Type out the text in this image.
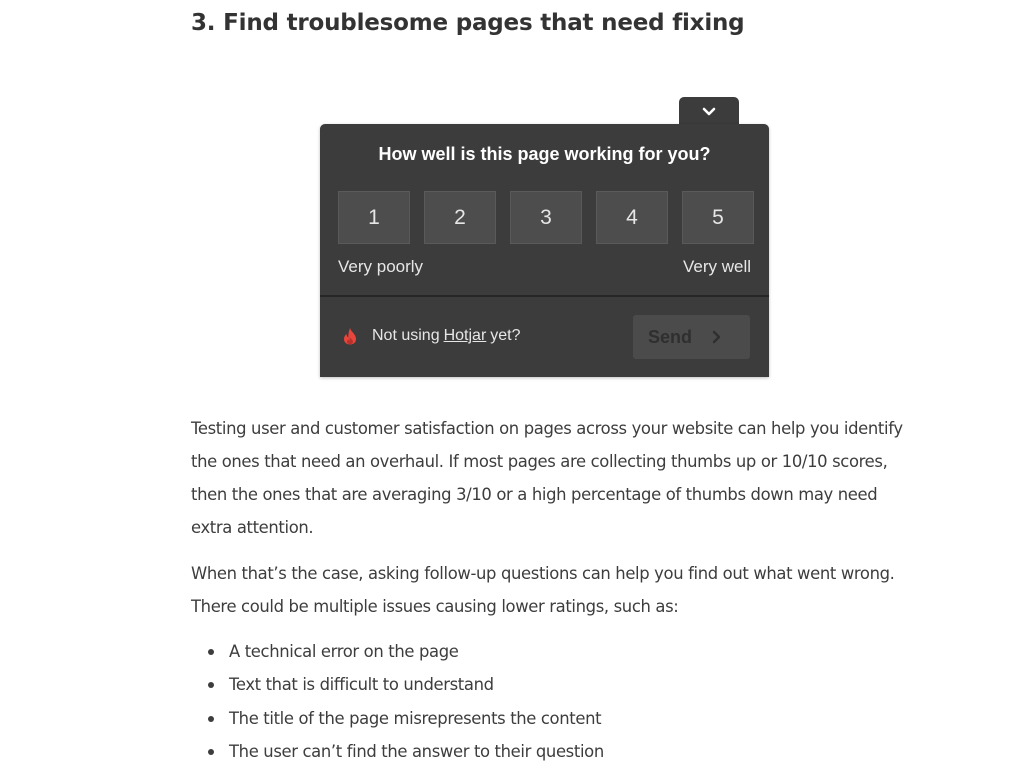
3. Find troublesome pages that need fixing
How well is this page working for you?
1	2	3	4	5
Very poorly	Very well
Not using Hotjar yet?	Send

Testing user and customer satisfaction on pages across your website can help you identify the ones that need an overhaul. If most pages are collecting thumbs up or 10/10 scores, then the ones that are averaging 3/10 or a high percentage of thumbs down may need extra attention.

When that’s the case, asking follow-up questions can help you find out what went wrong. There could be multiple issues causing lower ratings, such as:

A technical error on the page
Text that is difficult to understand
The title of the page misrepresents the content
The user can’t find the answer to their question
